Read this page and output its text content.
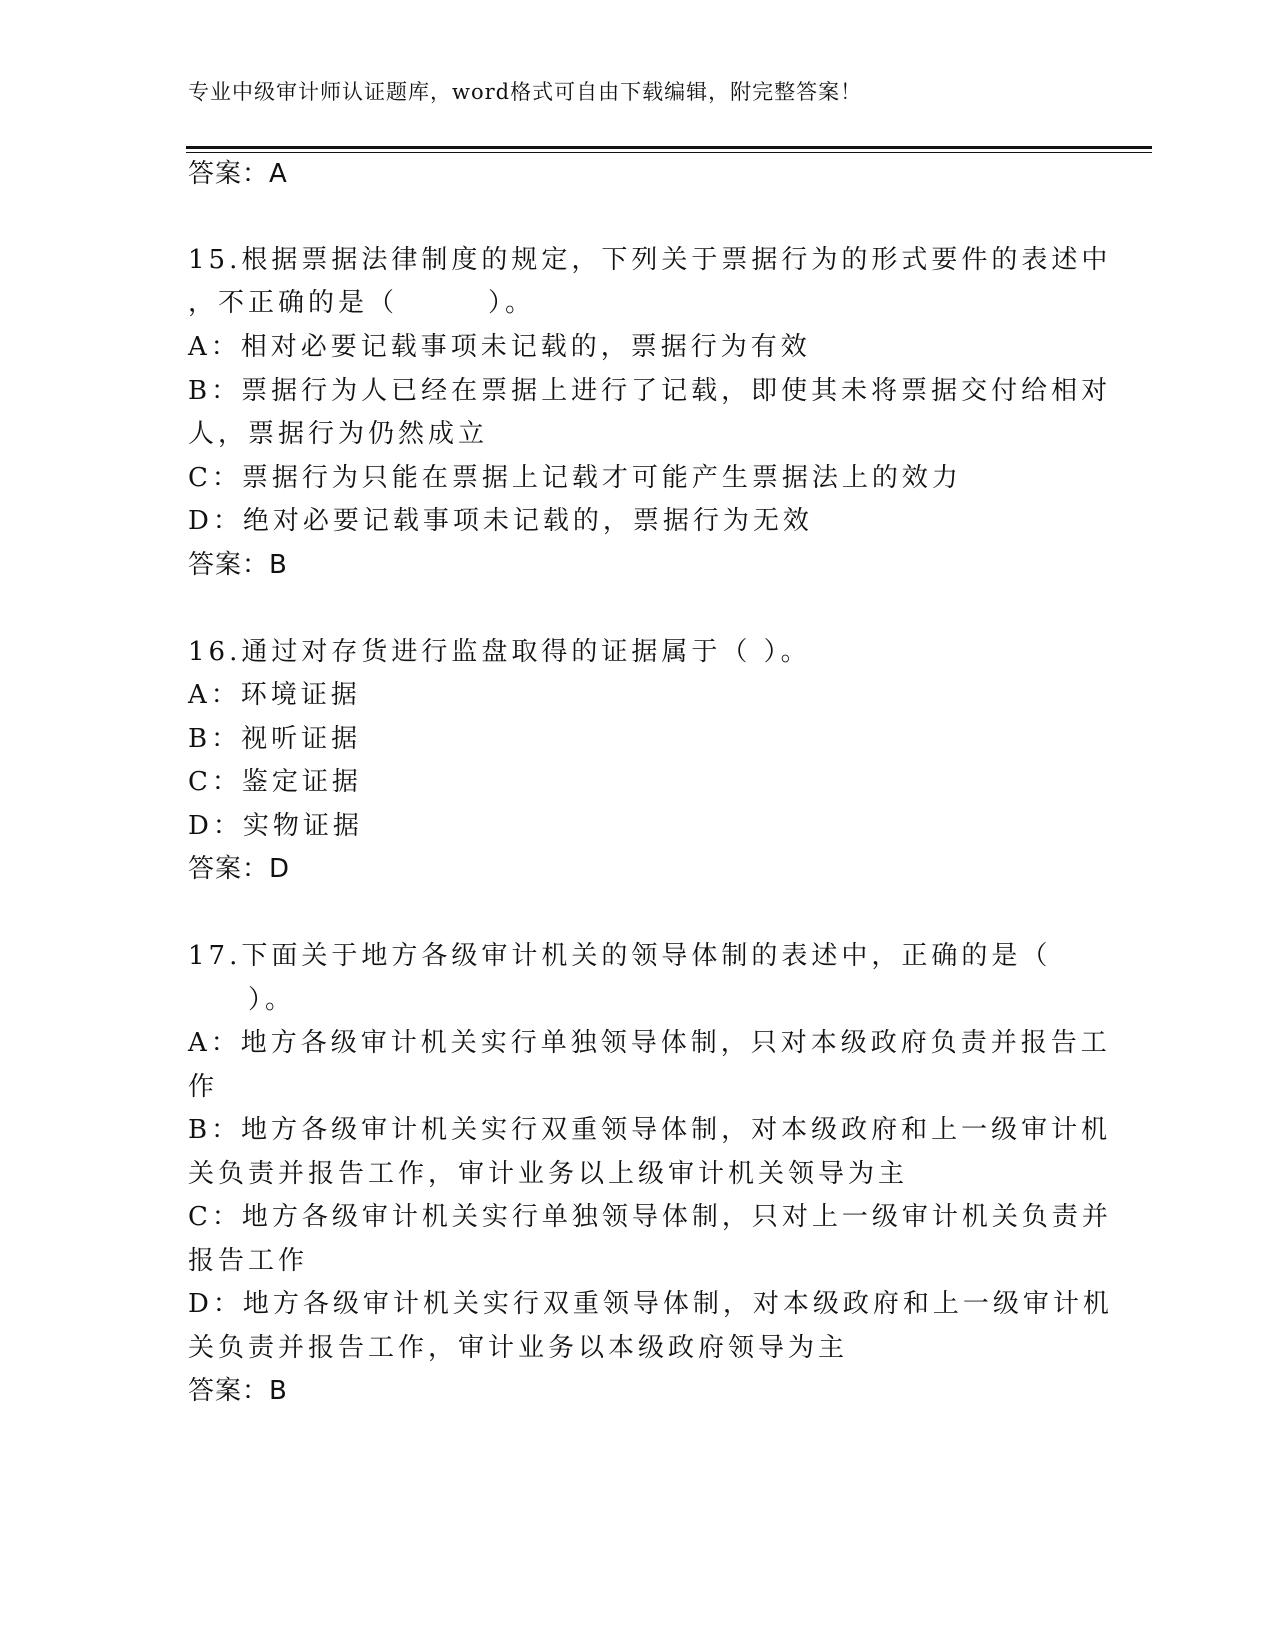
专业中级审计师认证题库，word格式可自由下载编辑，附完整答案！
答案：A
15.根据票据法律制度的规定，下列关于票据行为的形式要件的表述中
，不正确的是（　　　）。
A：相对必要记载事项未记载的，票据行为有效
B：票据行为人已经在票据上进行了记载，即使其未将票据交付给相对
人，票据行为仍然成立
C：票据行为只能在票据上记载才可能产生票据法上的效力
D：绝对必要记载事项未记载的，票据行为无效
答案：B
16.通过对存货进行监盘取得的证据属于（ ）。
A：环境证据
B：视听证据
C：鉴定证据
D：实物证据
答案：D
17.下面关于地方各级审计机关的领导体制的表述中，正确的是（
　　）。
A：地方各级审计机关实行单独领导体制，只对本级政府负责并报告工
作
B：地方各级审计机关实行双重领导体制，对本级政府和上一级审计机
关负责并报告工作，审计业务以上级审计机关领导为主
C：地方各级审计机关实行单独领导体制，只对上一级审计机关负责并
报告工作
D：地方各级审计机关实行双重领导体制，对本级政府和上一级审计机
关负责并报告工作，审计业务以本级政府领导为主
答案：B
